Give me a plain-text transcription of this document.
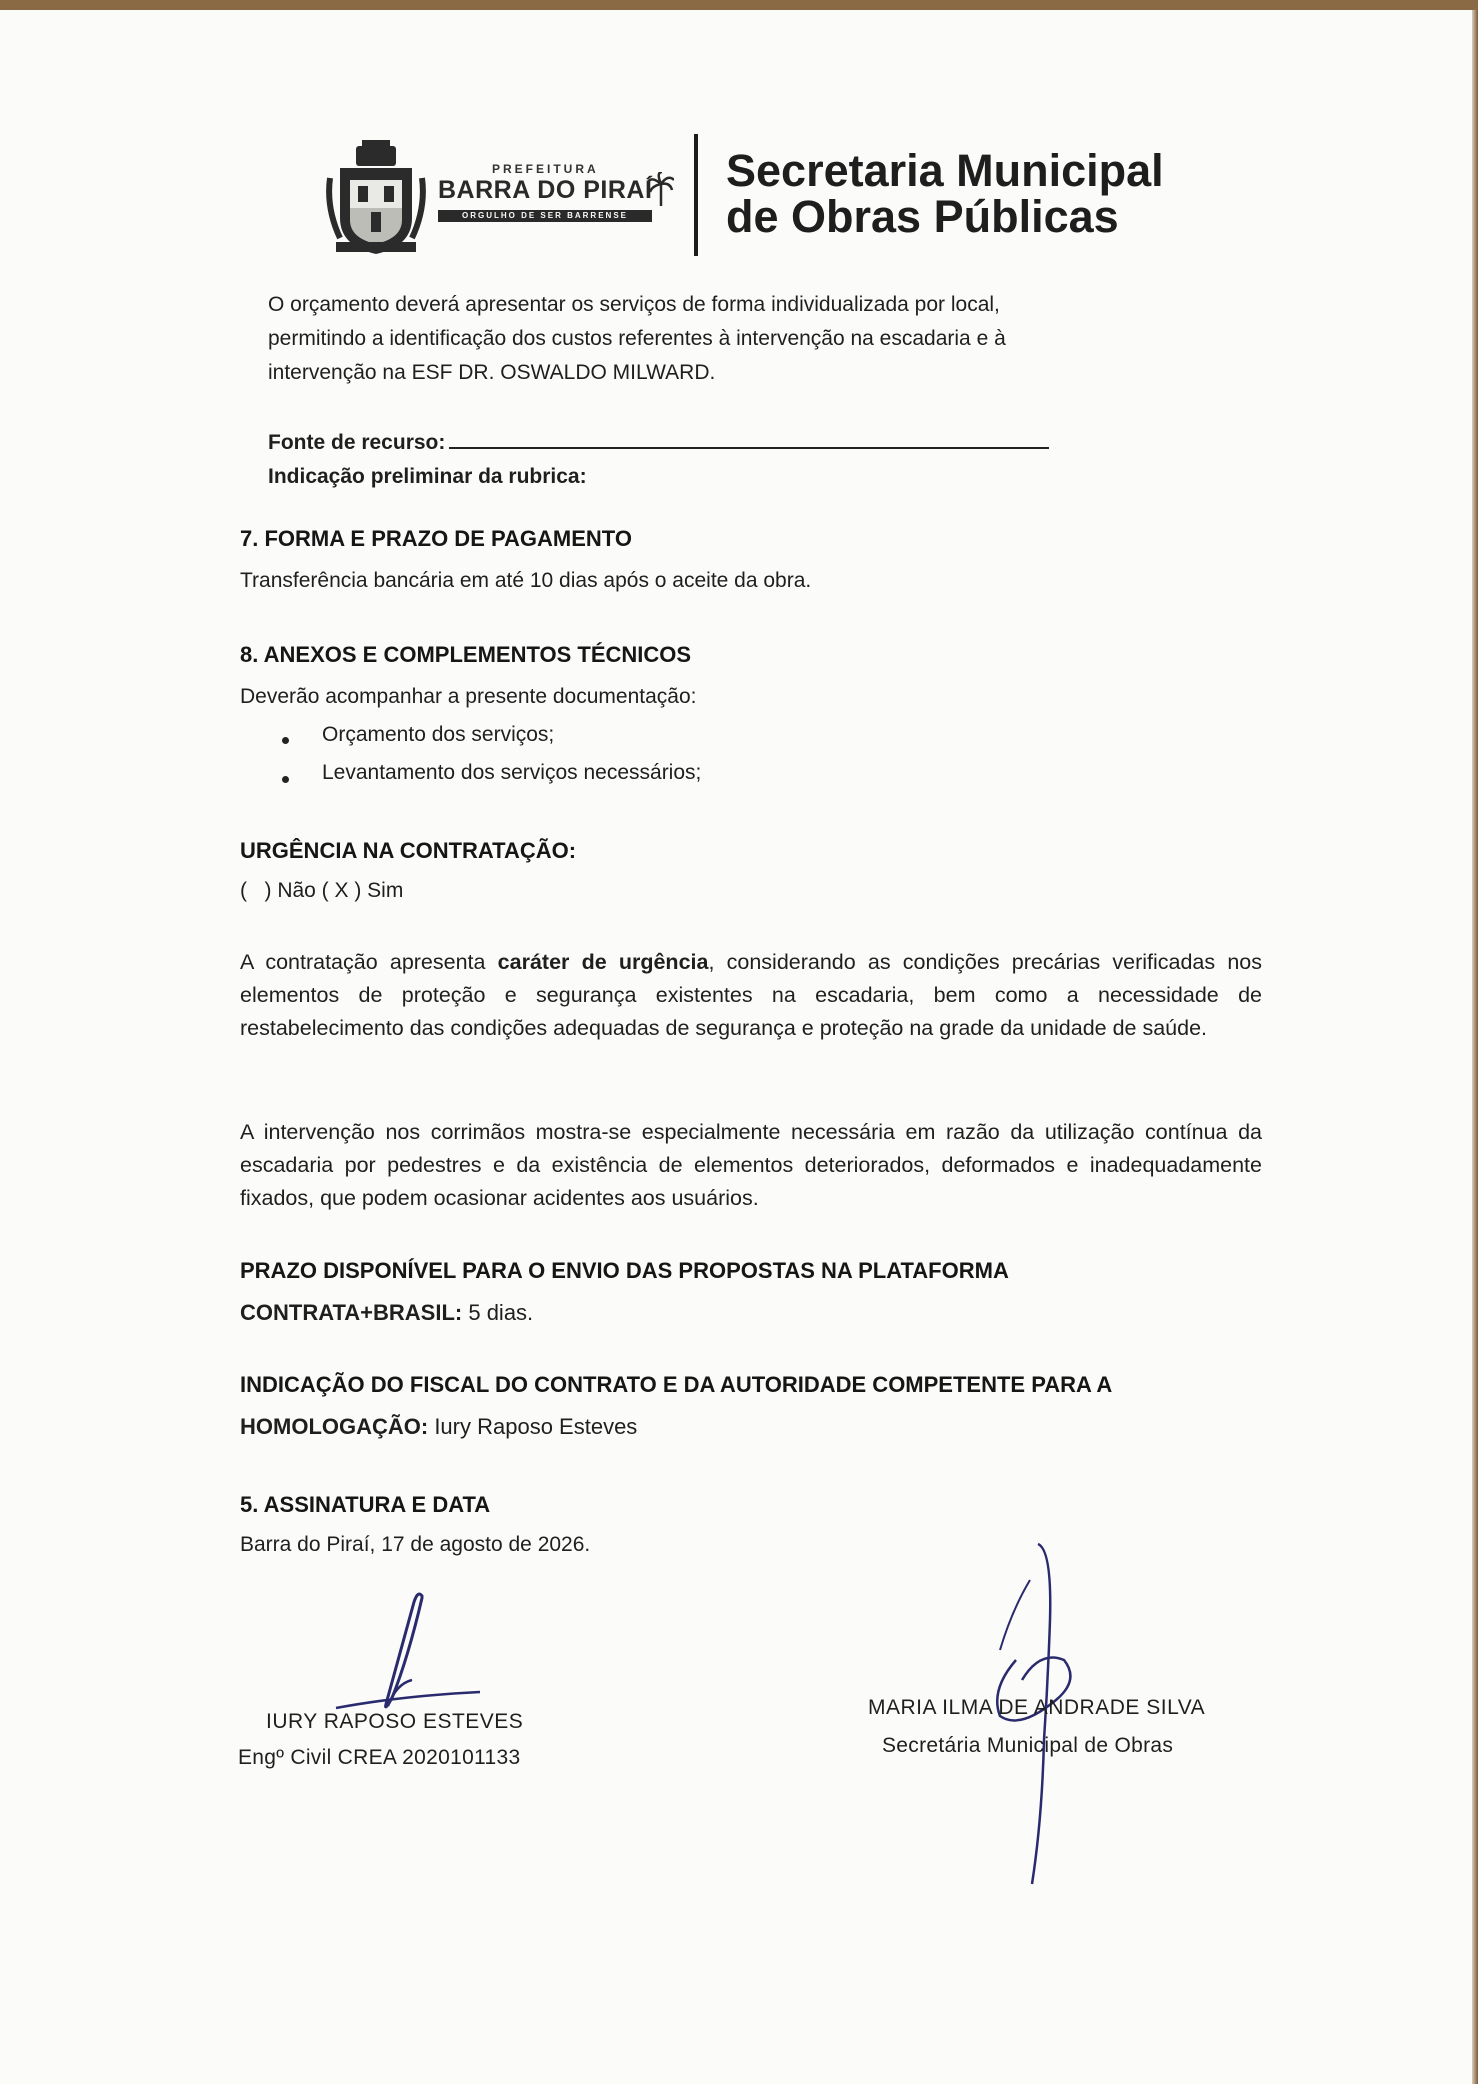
PREFEITURA
BARRA DO PIRAÍ
ORGULHO DE SER BARRENSE
Secretaria Municipal
de Obras Públicas
O orçamento deverá apresentar os serviços de forma individualizada por local,
permitindo a identificação dos custos referentes à intervenção na escadaria e à
intervenção na ESF DR. OSWALDO MILWARD.
Fonte de recurso:
Indicação preliminar da rubrica:
7. FORMA E PRAZO DE PAGAMENTO
Transferência bancária em até 10 dias após o aceite da obra.
8. ANEXOS E COMPLEMENTOS TÉCNICOS
Deverão acompanhar a presente documentação:
Orçamento dos serviços;
Levantamento dos serviços necessários;
URGÊNCIA NA CONTRATAÇÃO:
(   ) Não ( X ) Sim
A contratação apresenta caráter de urgência, considerando as condições precárias verificadas nos elementos de proteção e segurança existentes na escadaria, bem como a necessidade de restabelecimento das condições adequadas de segurança e proteção na grade da unidade de saúde.
A intervenção nos corrimãos mostra-se especialmente necessária em razão da utilização contínua da escadaria por pedestres e da existência de elementos deteriorados, deformados e inadequadamente fixados, que podem ocasionar acidentes aos usuários.
PRAZO DISPONÍVEL PARA O ENVIO DAS PROPOSTAS NA PLATAFORMA
CONTRATA+BRASIL: 5 dias.
INDICAÇÃO DO FISCAL DO CONTRATO E DA AUTORIDADE COMPETENTE PARA A
HOMOLOGAÇÃO: Iury Raposo Esteves
5. ASSINATURA E DATA
Barra do Piraí, 17 de agosto de 2026.
IURY RAPOSO ESTEVES
Engº Civil CREA 2020101133
MARIA ILMA DE ANDRADE SILVA
Secretária Municipal de Obras
